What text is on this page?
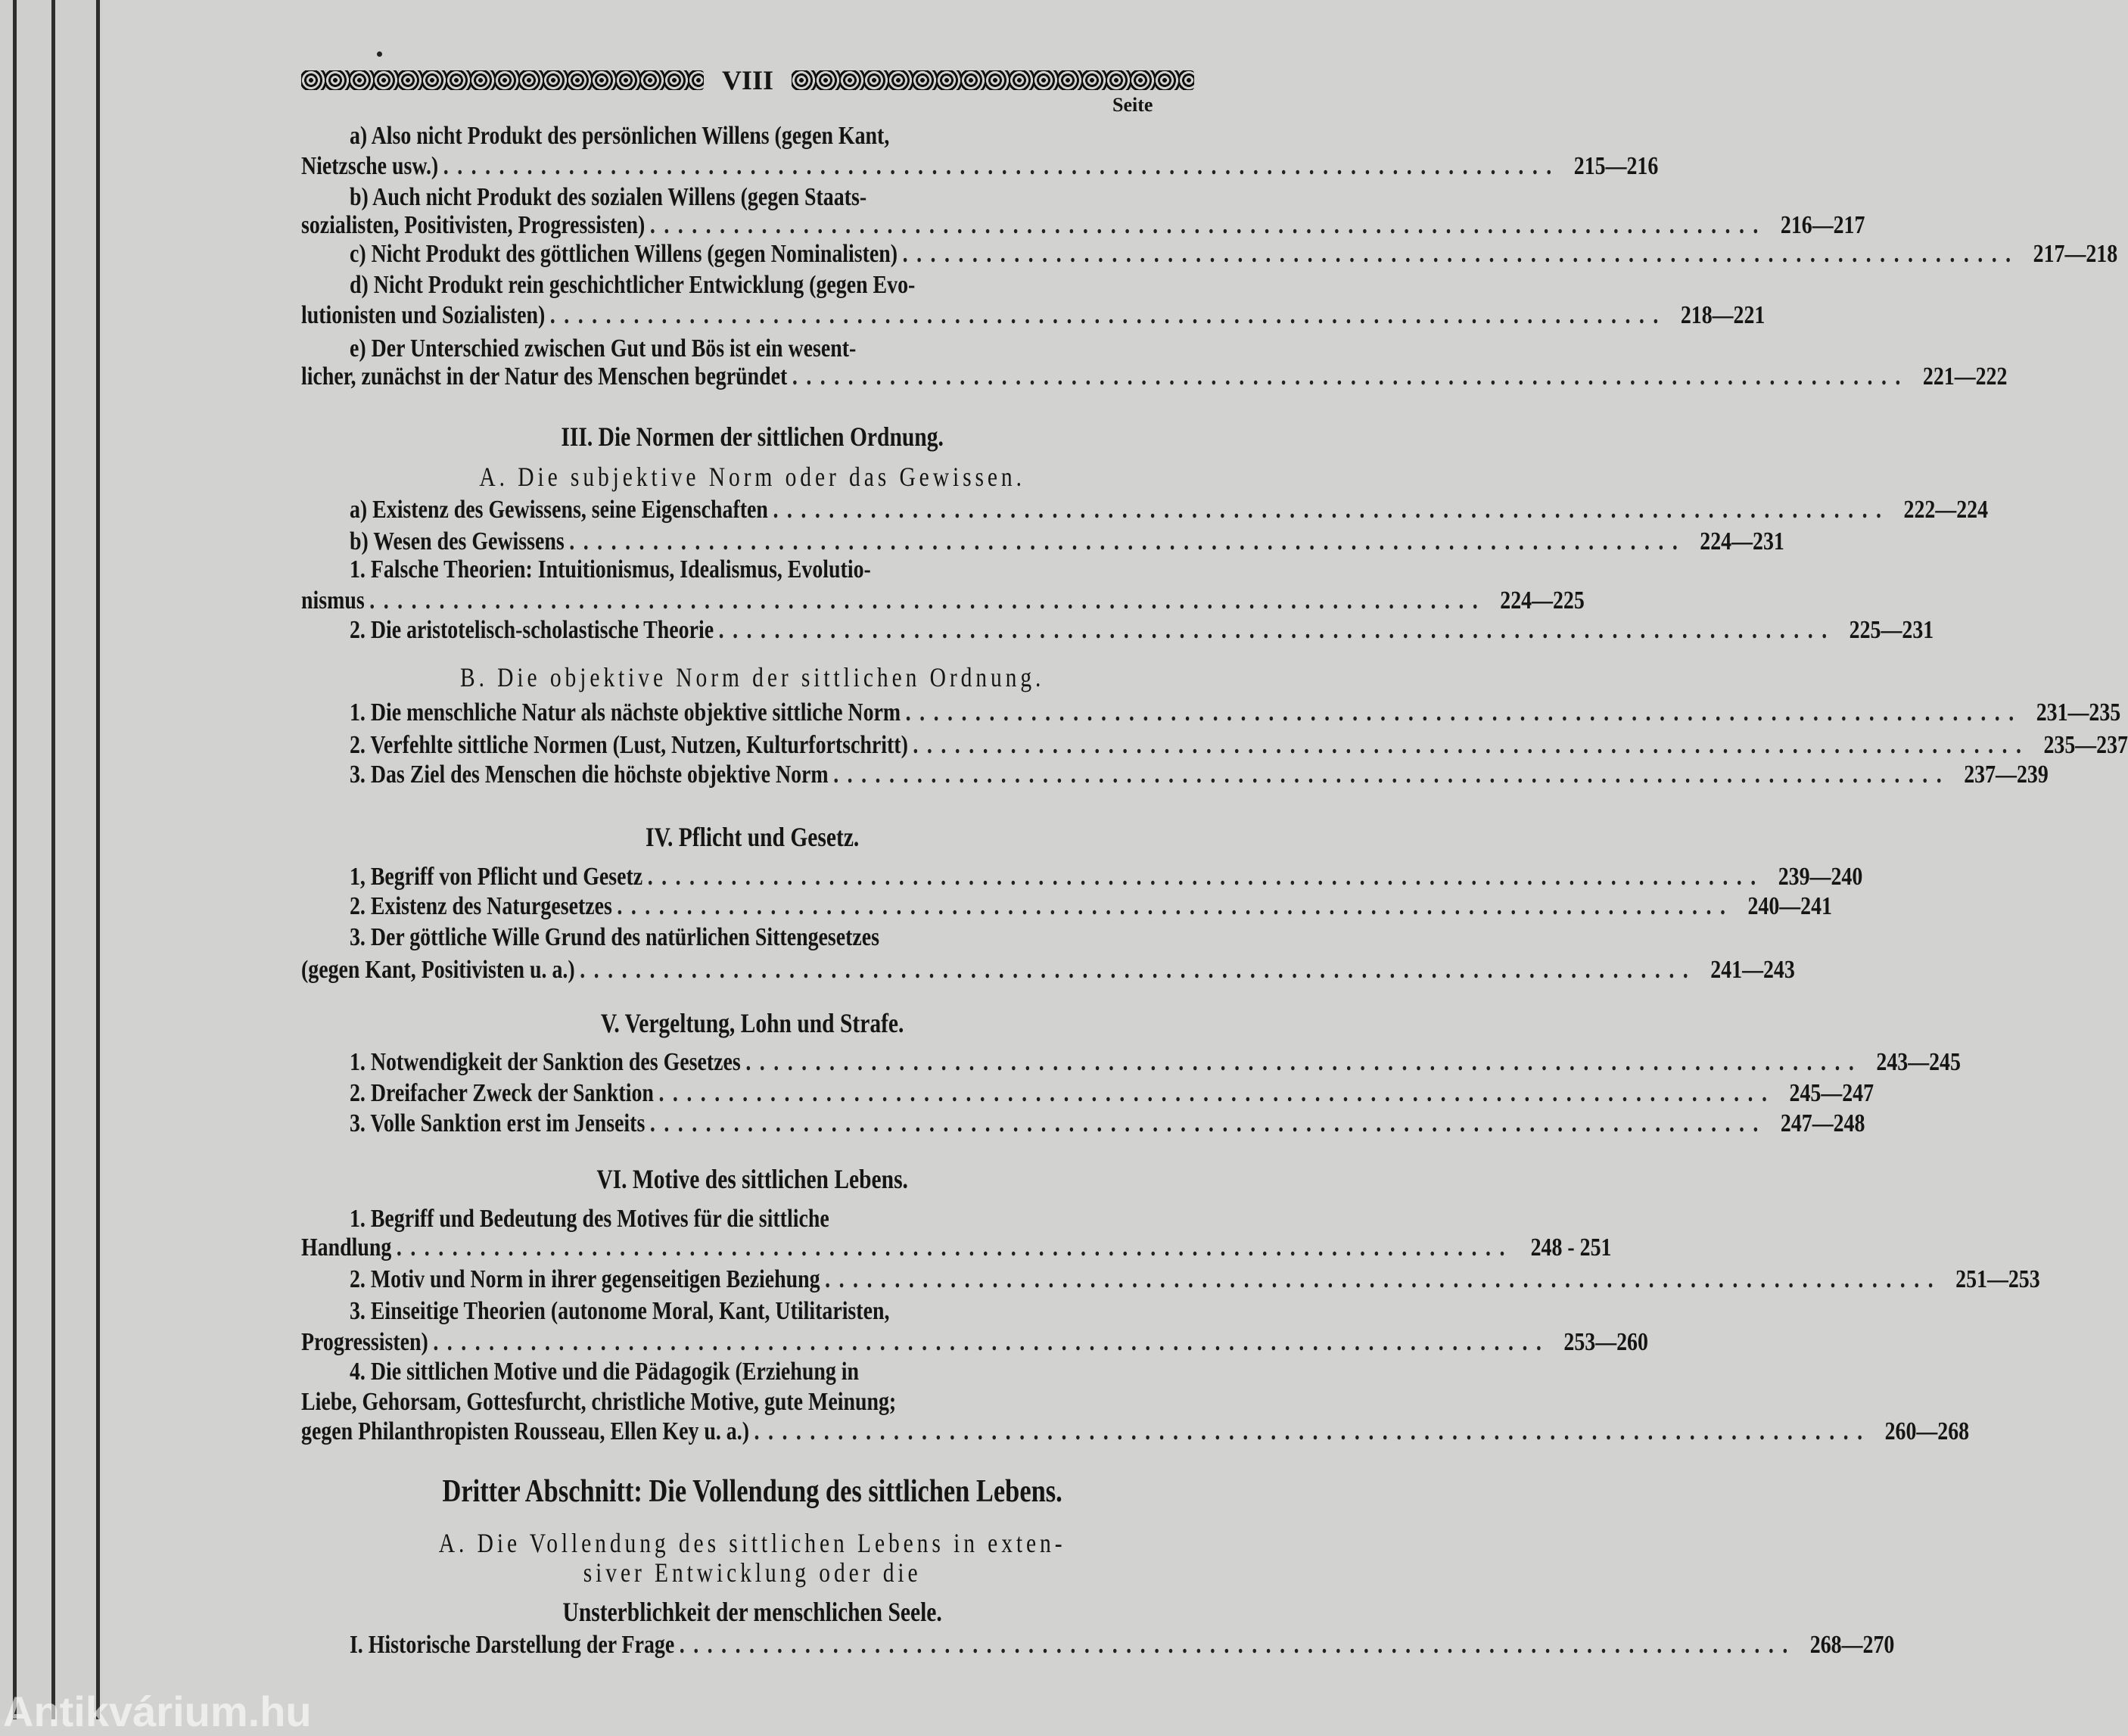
VIII
Seite
a) Also nicht Produkt des persönlichen Willens (gegen Kant,
Nietzsche usw.) ................................................................................ 215—216
b) Auch nicht Produkt des sozialen Willens (gegen Staats-
sozialisten, Positivisten, Progressisten) ................................................................................ 216—217
c) Nicht Produkt des göttlichen Willens (gegen Nominalisten) ................................................................................ 217—218
d) Nicht Produkt rein geschichtlicher Entwicklung (gegen Evo-
lutionisten und Sozialisten) ................................................................................ 218—221
e) Der Unterschied zwischen Gut und Bös ist ein wesent-
licher, zunächst in der Natur des Menschen begründet ................................................................................ 221—222
III. Die Normen der sittlichen Ordnung.
A. Die subjektive Norm oder das Gewissen.
a) Existenz des Gewissens, seine Eigenschaften ................................................................................ 222—224
b) Wesen des Gewissens ................................................................................ 224—231
1. Falsche Theorien: Intuitionismus, Idealismus, Evolutio-
nismus ................................................................................ 224—225
2. Die aristotelisch-scholastische Theorie ................................................................................ 225—231
B. Die objektive Norm der sittlichen Ordnung.
1. Die menschliche Natur als nächste objektive sittliche Norm ................................................................................ 231—235
2. Verfehlte sittliche Normen (Lust, Nutzen, Kulturfortschritt) ................................................................................ 235—237
3. Das Ziel des Menschen die höchste objektive Norm ................................................................................ 237—239
IV. Pflicht und Gesetz.
1, Begriff von Pflicht und Gesetz ................................................................................ 239—240
2. Existenz des Naturgesetzes ................................................................................ 240—241
3. Der göttliche Wille Grund des natürlichen Sittengesetzes
(gegen Kant, Positivisten u. a.) ................................................................................ 241—243
V. Vergeltung, Lohn und Strafe.
1. Notwendigkeit der Sanktion des Gesetzes ................................................................................ 243—245
2. Dreifacher Zweck der Sanktion ................................................................................ 245—247
3. Volle Sanktion erst im Jenseits ................................................................................ 247—248
VI. Motive des sittlichen Lebens.
1. Begriff und Bedeutung des Motives für die sittliche
Handlung ................................................................................ 248 - 251
2. Motiv und Norm in ihrer gegenseitigen Beziehung ................................................................................ 251—253
3. Einseitige Theorien (autonome Moral, Kant, Utilitaristen,
Progressisten) ................................................................................ 253—260
4. Die sittlichen Motive und die Pädagogik (Erziehung in
Liebe, Gehorsam, Gottesfurcht, christliche Motive, gute Meinung;
gegen Philanthropisten Rousseau, Ellen Key u. a.) ................................................................................ 260—268
Dritter Abschnitt: Die Vollendung des sittlichen Lebens.
A. Die Vollendung des sittlichen Lebens in exten-
siver Entwicklung oder die
Unsterblichkeit der menschlichen Seele.
I. Historische Darstellung der Frage ................................................................................ 268—270
Antikvárium.hu
